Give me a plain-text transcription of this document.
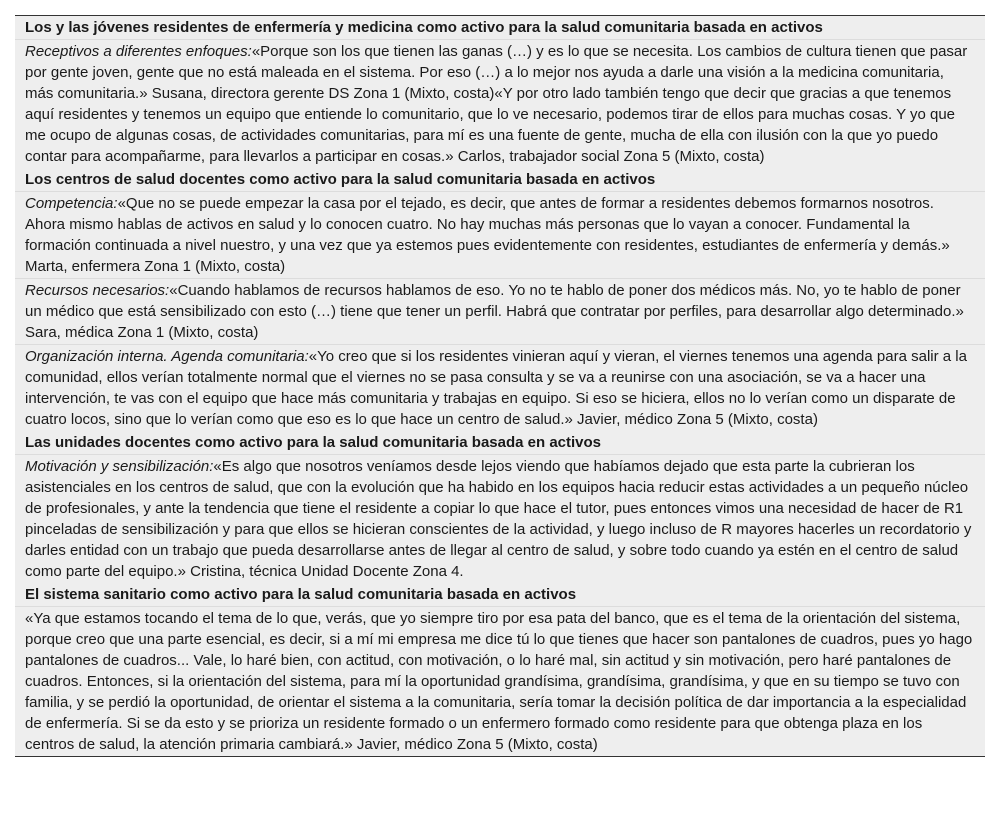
Los y las jóvenes residentes de enfermería y medicina como activo para la salud comunitaria basada en activos
Receptivos a diferentes enfoques:«Porque son los que tienen las ganas (…) y es lo que se necesita. Los cambios de cultura tienen que pasar por gente joven, gente que no está maleada en el sistema. Por eso (…) a lo mejor nos ayuda a darle una visión a la medicina comunitaria, más comunitaria.» Susana, directora gerente DS Zona 1 (Mixto, costa)«Y por otro lado también tengo que decir que gracias a que tenemos aquí residentes y tenemos un equipo que entiende lo comunitario, que lo ve necesario, podemos tirar de ellos para muchas cosas. Y yo que me ocupo de algunas cosas, de actividades comunitarias, para mí es una fuente de gente, mucha de ella con ilusión con la que yo puedo contar para acompañarme, para llevarlos a participar en cosas.» Carlos, trabajador social Zona 5 (Mixto, costa)
Los centros de salud docentes como activo para la salud comunitaria basada en activos
Competencia:«Que no se puede empezar la casa por el tejado, es decir, que antes de formar a residentes debemos formarnos nosotros. Ahora mismo hablas de activos en salud y lo conocen cuatro. No hay muchas más personas que lo vayan a conocer. Fundamental la formación continuada a nivel nuestro, y una vez que ya estemos pues evidentemente con residentes, estudiantes de enfermería y demás.» Marta, enfermera Zona 1 (Mixto, costa)
Recursos necesarios:«Cuando hablamos de recursos hablamos de eso. Yo no te hablo de poner dos médicos más. No, yo te hablo de poner un médico que está sensibilizado con esto (…) tiene que tener un perfil. Habrá que contratar por perfiles, para desarrollar algo determinado.» Sara, médica Zona 1 (Mixto, costa)
Organización interna. Agenda comunitaria:«Yo creo que si los residentes vinieran aquí y vieran, el viernes tenemos una agenda para salir a la comunidad, ellos verían totalmente normal que el viernes no se pasa consulta y se va a reunirse con una asociación, se va a hacer una intervención, te vas con el equipo que hace más comunitaria y trabajas en equipo. Si eso se hiciera, ellos no lo verían como un disparate de cuatro locos, sino que lo verían como que eso es lo que hace un centro de salud.» Javier, médico Zona 5 (Mixto, costa)
Las unidades docentes como activo para la salud comunitaria basada en activos
Motivación y sensibilización:«Es algo que nosotros veníamos desde lejos viendo que habíamos dejado que esta parte la cubrieran los asistenciales en los centros de salud, que con la evolución que ha habido en los equipos hacia reducir estas actividades a un pequeño núcleo de profesionales, y ante la tendencia que tiene el residente a copiar lo que hace el tutor, pues entonces vimos una necesidad de hacer de R1 pinceladas de sensibilización y para que ellos se hicieran conscientes de la actividad, y luego incluso de R mayores hacerles un recordatorio y darles entidad con un trabajo que pueda desarrollarse antes de llegar al centro de salud, y sobre todo cuando ya estén en el centro de salud como parte del equipo.» Cristina, técnica Unidad Docente Zona 4.
El sistema sanitario como activo para la salud comunitaria basada en activos
«Ya que estamos tocando el tema de lo que, verás, que yo siempre tiro por esa pata del banco, que es el tema de la orientación del sistema, porque creo que una parte esencial, es decir, si a mí mi empresa me dice tú lo que tienes que hacer son pantalones de cuadros, pues yo hago pantalones de cuadros... Vale, lo haré bien, con actitud, con motivación, o lo haré mal, sin actitud y sin motivación, pero haré pantalones de cuadros. Entonces, si la orientación del sistema, para mí la oportunidad grandísima, grandísima, grandísima, y que en su tiempo se tuvo con familia, y se perdió la oportunidad, de orientar el sistema a la comunitaria, sería tomar la decisión política de dar importancia a la especialidad de enfermería. Si se da esto y se prioriza un residente formado o un enfermero formado como residente para que obtenga plaza en los centros de salud, la atención primaria cambiará.» Javier, médico Zona 5 (Mixto, costa)
